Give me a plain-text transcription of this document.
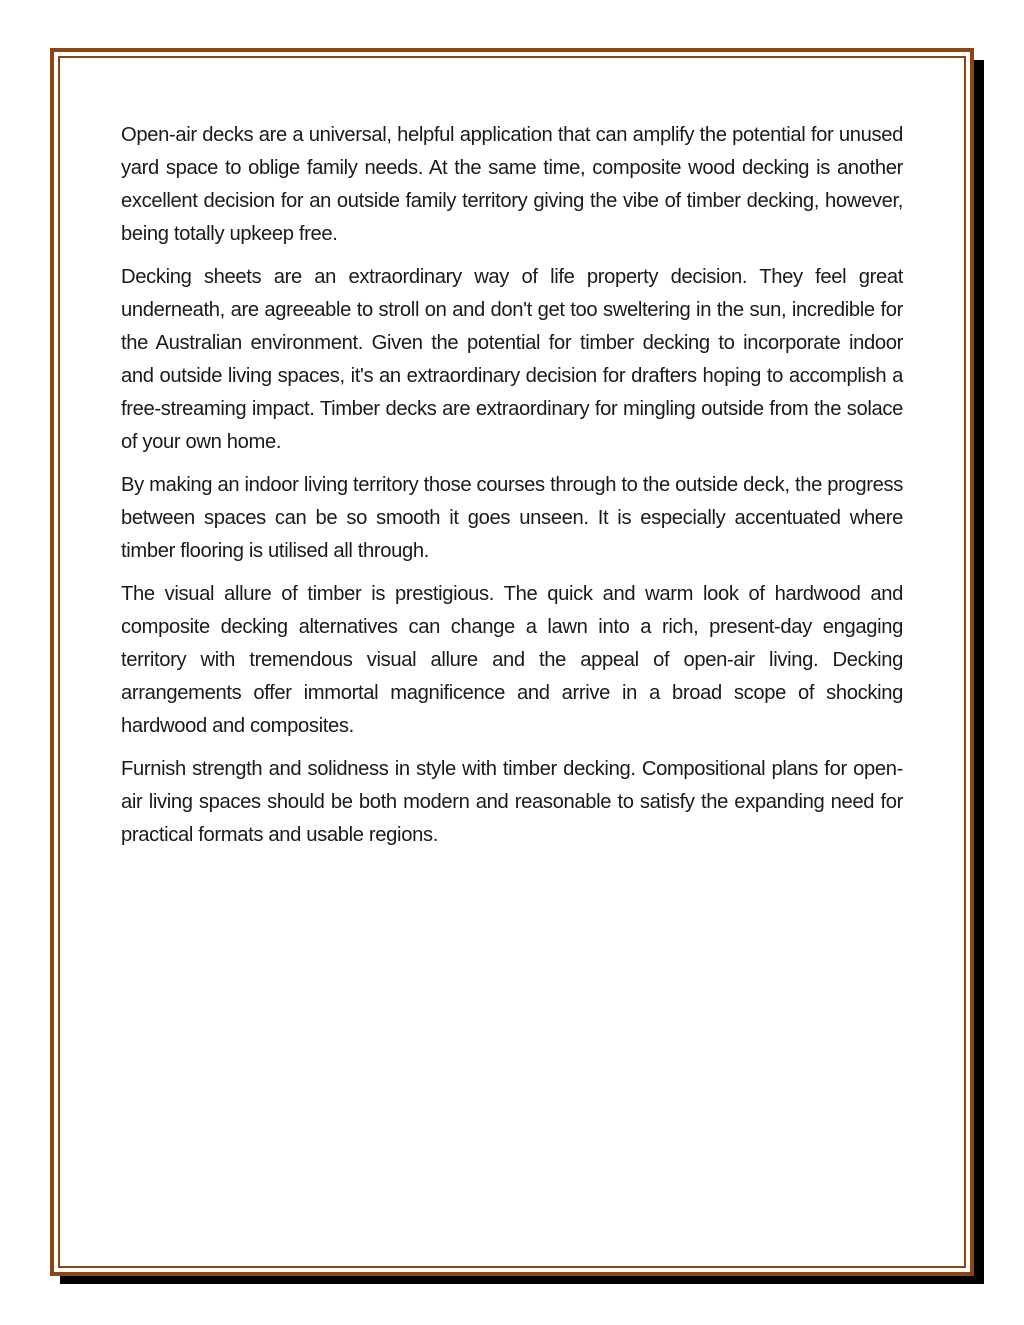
Open-air decks are a universal, helpful application that can amplify the potential for unused yard space to oblige family needs. At the same time, composite wood decking is another excellent decision for an outside family territory giving the vibe of timber decking, however, being totally upkeep free.

Decking sheets are an extraordinary way of life property decision. They feel great underneath, are agreeable to stroll on and don't get too sweltering in the sun, incredible for the Australian environment. Given the potential for timber decking to incorporate indoor and outside living spaces, it's an extraordinary decision for drafters hoping to accomplish a free-streaming impact. Timber decks are extraordinary for mingling outside from the solace of your own home.

By making an indoor living territory those courses through to the outside deck, the progress between spaces can be so smooth it goes unseen. It is especially accentuated where timber flooring is utilised all through.

The visual allure of timber is prestigious. The quick and warm look of hardwood and composite decking alternatives can change a lawn into a rich, present-day engaging territory with tremendous visual allure and the appeal of open-air living. Decking arrangements offer immortal magnificence and arrive in a broad scope of shocking hardwood and composites.

Furnish strength and solidness in style with timber decking. Compositional plans for open-air living spaces should be both modern and reasonable to satisfy the expanding need for practical formats and usable regions.
